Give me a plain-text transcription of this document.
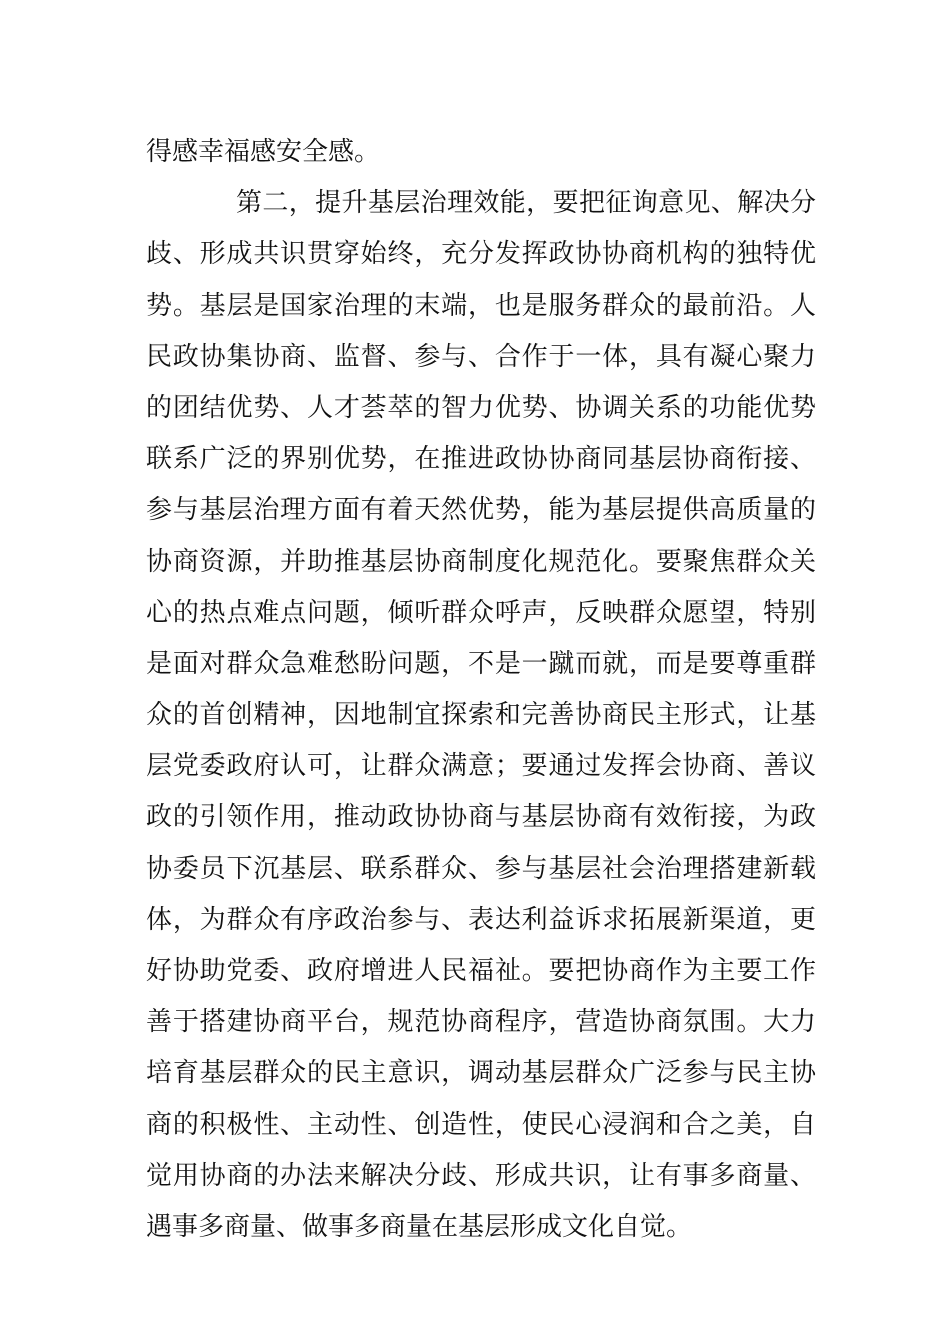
得感幸福感安全感。
第二，提升基层治理效能，要把征询意见、解决分
歧、形成共识贯穿始终，充分发挥政协协商机构的独特优
势。基层是国家治理的末端，也是服务群众的最前沿。人
民政协集协商、监督、参与、合作于一体，具有凝心聚力
的团结优势、人才荟萃的智力优势、协调关系的功能优势
联系广泛的界别优势，在推进政协协商同基层协商衔接、
参与基层治理方面有着天然优势，能为基层提供高质量的
协商资源，并助推基层协商制度化规范化。要聚焦群众关
心的热点难点问题，倾听群众呼声，反映群众愿望，特别
是面对群众急难愁盼问题，不是一蹴而就，而是要尊重群
众的首创精神，因地制宜探索和完善协商民主形式，让基
层党委政府认可，让群众满意；要通过发挥会协商、善议
政的引领作用，推动政协协商与基层协商有效衔接，为政
协委员下沉基层、联系群众、参与基层社会治理搭建新载
体，为群众有序政治参与、表达利益诉求拓展新渠道，更
好协助党委、政府增进人民福祉。要把协商作为主要工作
善于搭建协商平台，规范协商程序，营造协商氛围。大力
培育基层群众的民主意识，调动基层群众广泛参与民主协
商的积极性、主动性、创造性，使民心浸润和合之美，自
觉用协商的办法来解决分歧、形成共识，让有事多商量、
遇事多商量、做事多商量在基层形成文化自觉。
